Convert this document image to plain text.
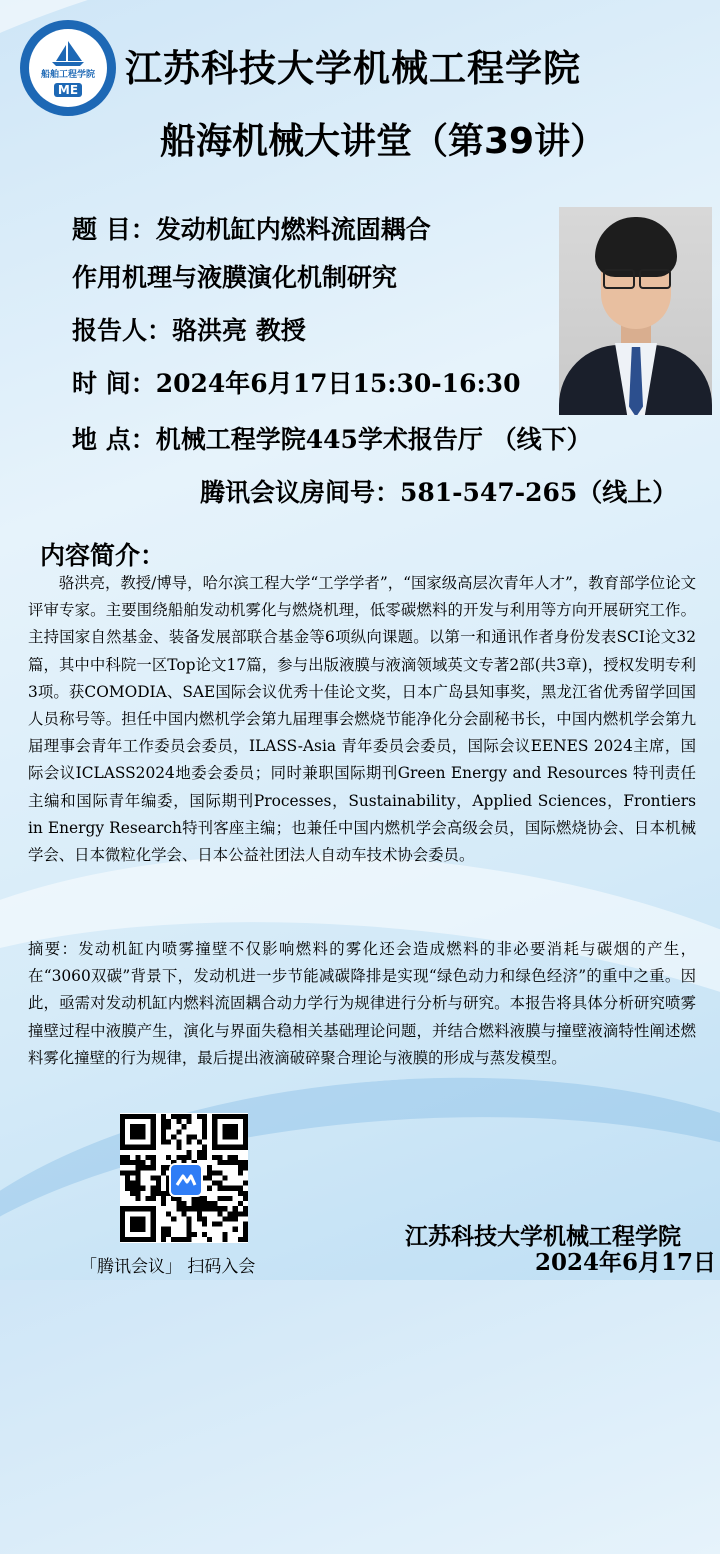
船舶工程学院
ME 江苏科技大学机械工程学院
船海机械大讲堂（第39讲）
题 目：发动机缸内燃料流固耦合
作用机理与液膜演化机制研究
报告人：骆洪亮 教授
时 间：2024年6月17日15:30-16:30
地 点：机械工程学院445学术报告厅 （线下）
腾讯会议房间号：581-547-265（线上）
内容简介：

骆洪亮，教授/博导，哈尔滨工程大学“工学学者”，“国家级高层次青年人才”，教育部学位论文评审专家。主要围绕船舶发动机雾化与燃烧机理，低零碳燃料的开发与利用等方向开展研究工作。主持国家自然基金、装备发展部联合基金等6项纵向课题。以第一和通讯作者身份发表SCI论文32篇，其中中科院一区Top论文17篇，参与出版液膜与液滴领域英文专著2部(共3章)，授权发明专利3项。获COMODIA、SAE国际会议优秀十佳论文奖，日本广岛县知事奖，黑龙江省优秀留学回国人员称号等。担任中国内燃机学会第九届理事会燃烧节能净化分会副秘书长，中国内燃机学会第九届理事会青年工作委员会委员，ILASS-Asia 青年委员会委员，国际会议EENES 2024主席，国际会议ICLASS2024地委会委员；同时兼职国际期刊Green Energy and Resources 特刊责任主编和国际青年编委，国际期刊Processes，Sustainability，Applied Sciences，Frontiers in Energy Research特刊客座主编；也兼任中国内燃机学会高级会员，国际燃烧协会、日本机械学会、日本微粒化学会、日本公益社团法人自动车技术协会委员。

摘要：发动机缸内喷雾撞壁不仅影响燃料的雾化还会造成燃料的非必要消耗与碳烟的产生，在“3060双碳”背景下，发动机进一步节能减碳降排是实现“绿色动力和绿色经济”的重中之重。因此，亟需对发动机缸内燃料流固耦合动力学行为规律进行分析与研究。本报告将具体分析研究喷雾撞壁过程中液膜产生，演化与界面失稳相关基础理论问题，并结合燃料液膜与撞壁液滴特性阐述燃料雾化撞壁的行为规律，最后提出液滴破碎聚合理论与液膜的形成与蒸发模型。

「腾讯会议」 扫码入会
江苏科技大学机械工程学院
2024年6月17日
